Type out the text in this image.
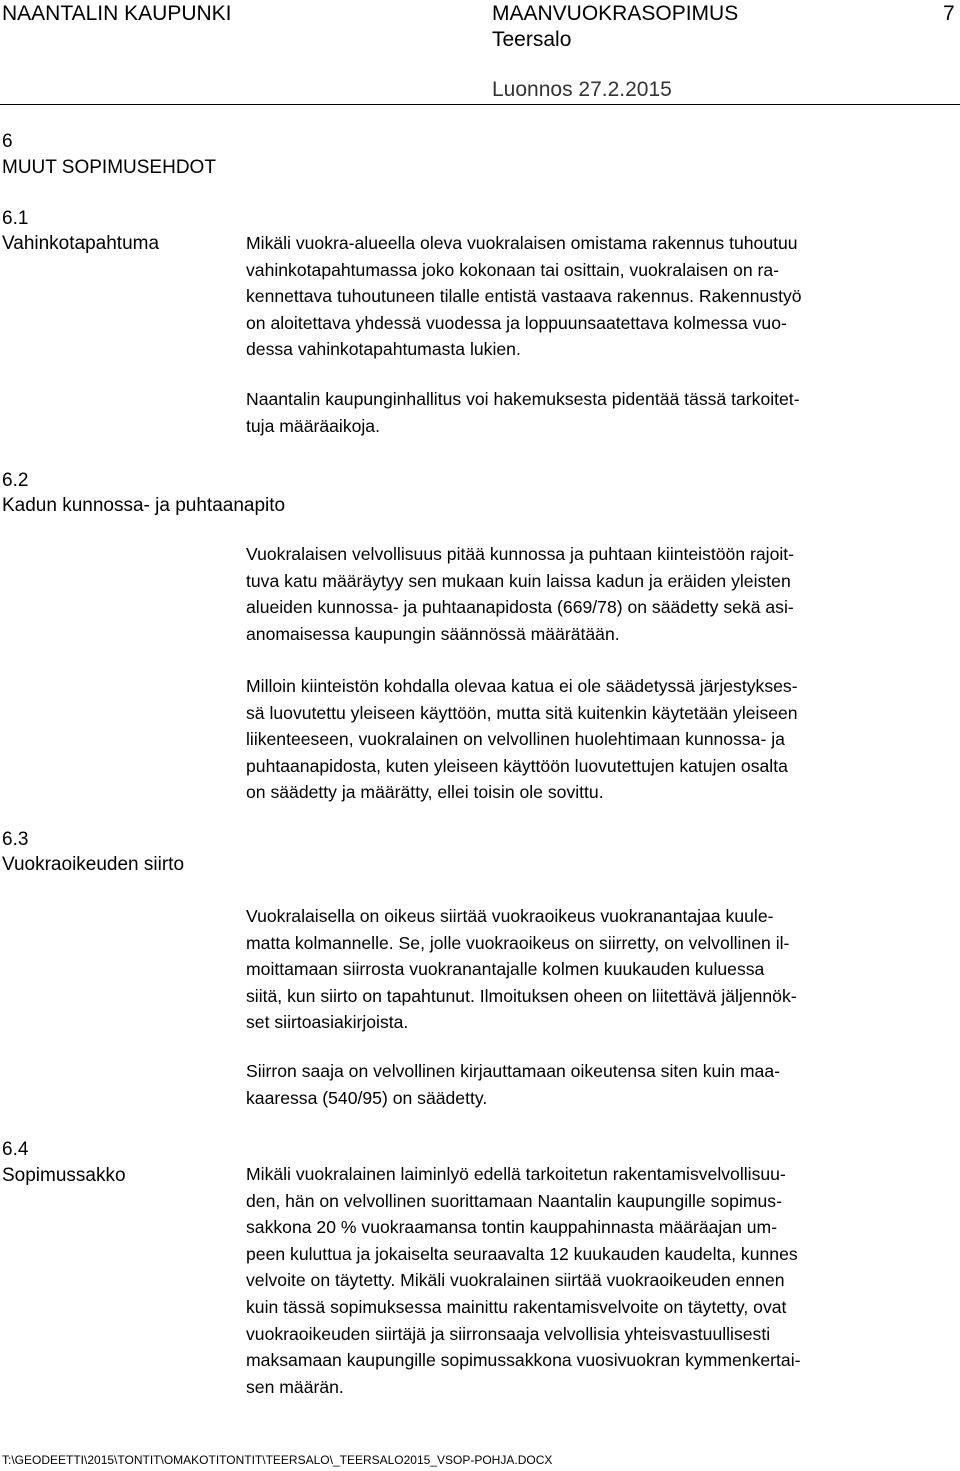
NAANTALIN KAUPUNKI	MAANVUOKRASOPIMUS	7
Teersalo
Luonnos 27.2.2015
6
MUUT SOPIMUSEHDOT
6.1
Vahinkotapahtuma	Mikäli vuokra-alueella oleva vuokralaisen omistama rakennus tuhoutuu
vahinkotapahtumassa joko kokonaan tai osittain, vuokralaisen on ra-
kennettava tuhoutuneen tilalle entistä vastaava rakennus. Rakennustyö
on aloitettava yhdessä vuodessa ja loppuunsaatettava kolmessa vuo-
dessa vahinkotapahtumasta lukien.
Naantalin kaupunginhallitus voi hakemuksesta pidentää tässä tarkoitet-
tuja määräaikoja.
6.2
Kadun kunnossa- ja puhtaanapito
Vuokralaisen velvollisuus pitää kunnossa ja puhtaan kiinteistöön rajoit-
tuva katu määräytyy sen mukaan kuin laissa kadun ja eräiden yleisten
alueiden kunnossa- ja puhtaanapidosta (669/78) on säädetty sekä asi-
anomaisessa kaupungin säännössä määrätään.
Milloin kiinteistön kohdalla olevaa katua ei ole säädetyssä järjestykses-
sä luovutettu yleiseen käyttöön, mutta sitä kuitenkin käytetään yleiseen
liikenteeseen, vuokralainen on velvollinen huolehtimaan kunnossa- ja
puhtaanapidosta, kuten yleiseen käyttöön luovutettujen katujen osalta
on säädetty ja määrätty, ellei toisin ole sovittu.
6.3
Vuokraoikeuden siirto
Vuokralaisella on oikeus siirtää vuokraoikeus vuokranantajaa kuule-
matta kolmannelle. Se, jolle vuokraoikeus on siirretty, on velvollinen il-
moittamaan siirrosta vuokranantajalle kolmen kuukauden kuluessa
siitä, kun siirto on tapahtunut. Ilmoituksen oheen on liitettävä jäljennök-
set siirtoasiakirjoista.
Siirron saaja on velvollinen kirjauttamaan oikeutensa siten kuin maa-
kaaressa (540/95) on säädetty.
6.4
Sopimussakko	Mikäli vuokralainen laiminlyö edellä tarkoitetun rakentamisvelvollisuu-
den, hän on velvollinen suorittamaan Naantalin kaupungille sopimus-
sakkona 20 % vuokraamansa tontin kauppahinnasta määräajan um-
peen kuluttua ja jokaiselta seuraavalta 12 kuukauden kaudelta, kunnes
velvoite on täytetty. Mikäli vuokralainen siirtää vuokraoikeuden ennen
kuin tässä sopimuksessa mainittu rakentamisvelvoite on täytetty, ovat
vuokraoikeuden siirtäjä ja siirronsaaja velvollisia yhteisvastuullisesti
maksamaan kaupungille sopimussakkona vuosivuokran kymmenkertai-
sen määrän.
T:\GEODEETTI\2015\TONTIT\OMAKOTITONTIT\TEERSALO\_TEERSALO2015_VSOP-POHJA.DOCX
